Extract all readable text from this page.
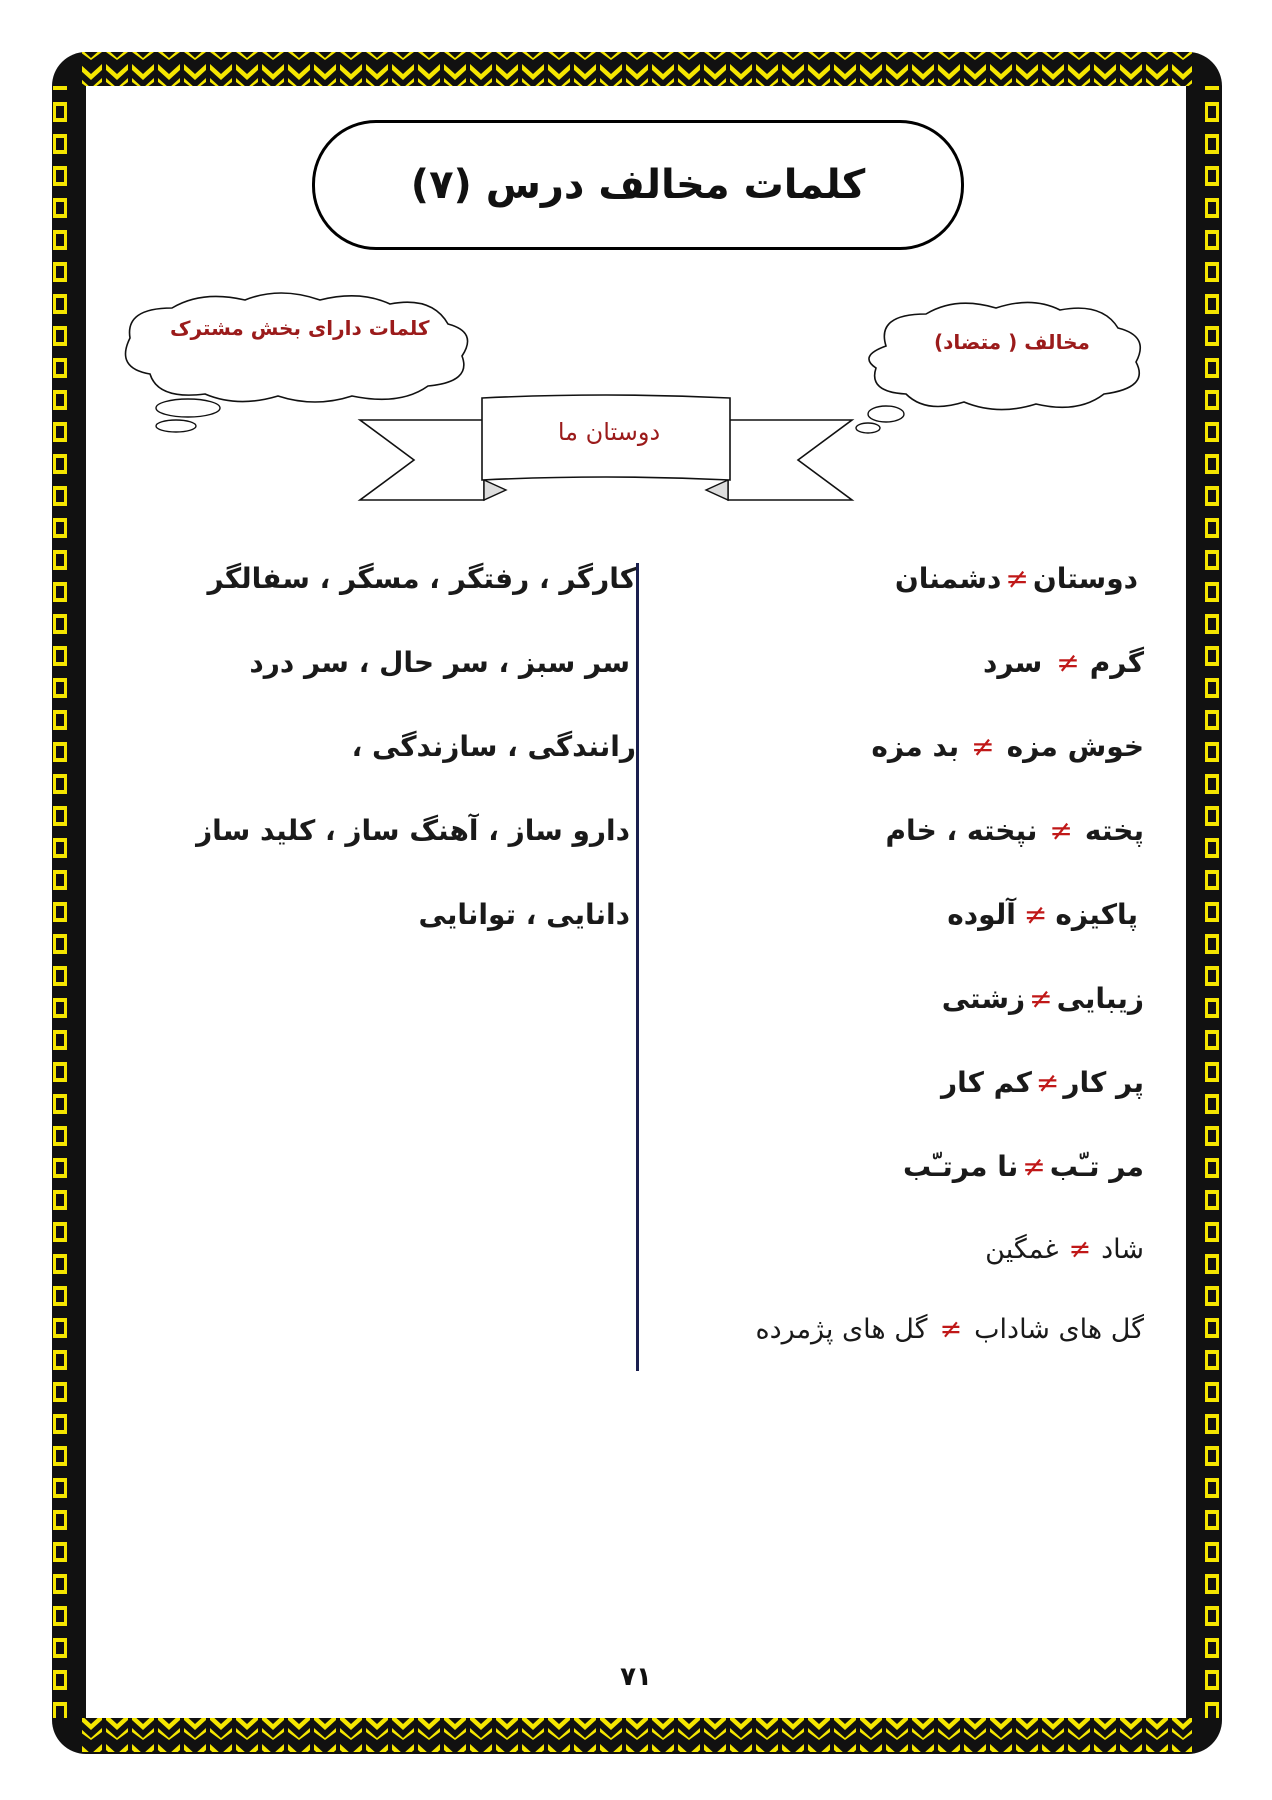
کلمات مخالف درس (۷)
کلمات دارای بخش مشترک
مخالف ( متضاد)
دوستان ما
دوستان≠دشمنان
گرم≠سرد
خوش مزه≠بد مزه
پخته≠نپخته ، خام
پاکیزه≠آلوده
زیبایی≠زشتی
پر کار≠کم کار
مر تـّب≠نا مرتـّب
شاد≠غمگین
گل های شاداب≠گل های پژمرده
کارگر ، رفتگر ، مسگر ، سفالگر
سر سبز ، سر حال ، سر درد
رانندگی ، سازندگی ،
دارو ساز ، آهنگ ساز ، کلید ساز
دانایی ، توانایی
۷۱
